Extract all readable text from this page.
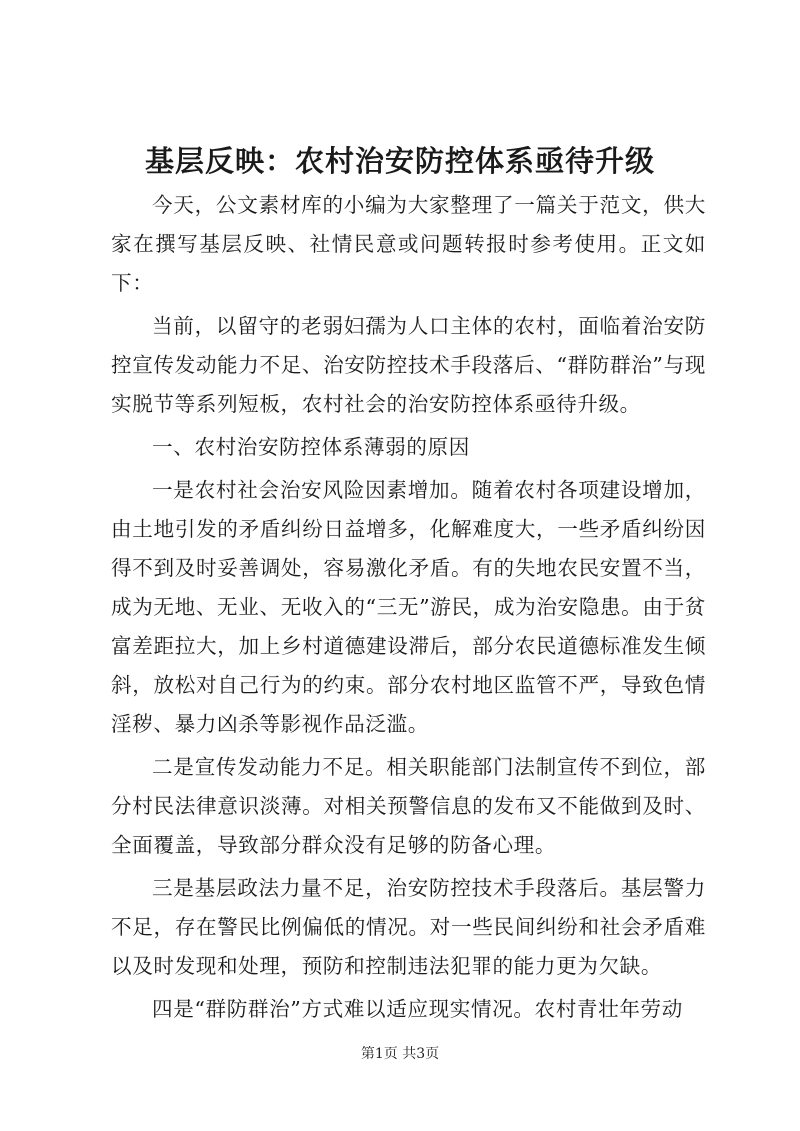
基层反映：农村治安防控体系亟待升级

今天，公文素材库的小编为大家整理了一篇关于范文，供大家在撰写基层反映、社情民意或问题转报时参考使用。正文如下：

当前，以留守的老弱妇孺为人口主体的农村，面临着治安防控宣传发动能力不足、治安防控技术手段落后、“群防群治”与现实脱节等系列短板，农村社会的治安防控体系亟待升级。

一、农村治安防控体系薄弱的原因

一是农村社会治安风险因素增加。随着农村各项建设增加，由土地引发的矛盾纠纷日益增多，化解难度大，一些矛盾纠纷因得不到及时妥善调处，容易激化矛盾。有的失地农民安置不当，成为无地、无业、无收入的“三无”游民，成为治安隐患。由于贫富差距拉大，加上乡村道德建设滞后，部分农民道德标准发生倾斜，放松对自己行为的约束。部分农村地区监管不严，导致色情淫秽、暴力凶杀等影视作品泛滥。

二是宣传发动能力不足。相关职能部门法制宣传不到位，部分村民法律意识淡薄。对相关预警信息的发布又不能做到及时、全面覆盖，导致部分群众没有足够的防备心理。

三是基层政法力量不足，治安防控技术手段落后。基层警力不足，存在警民比例偏低的情况。对一些民间纠纷和社会矛盾难以及时发现和处理，预防和控制违法犯罪的能力更为欠缺。

四是“群防群治”方式难以适应现实情况。农村青壮年劳动

第1页 共3页
